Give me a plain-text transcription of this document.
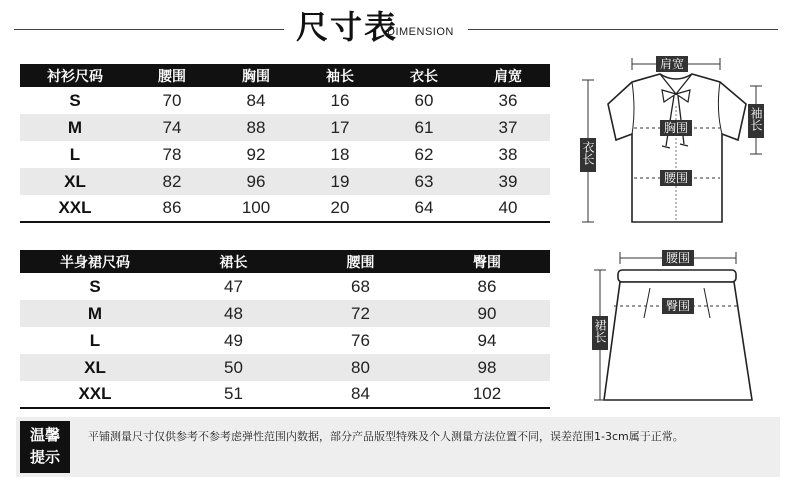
尺寸表
DIMENSION
衬衫尺码	腰围	胸围	袖长	衣长	肩宽
S	70	84	16	60	36
M	74	88	17	61	37
L	78	92	18	62	38
XL	82	96	19	63	39
XXL	86	100	20	64	40
半身裙尺码	裙长	腰围	臀围
S	47	68	86
M	48	72	90
L	49	76	94
XL	50	80	98
XXL	51	84	102
肩宽
胸围
腰围
衣长
袖长
腰围
臀围
裙长
温馨
提示
平铺测量尺寸仅供参考不参考虑弹性范围内数据，部分产品版型特殊及个人测量方法位置不同，误差范围1-3cm属于正常。
